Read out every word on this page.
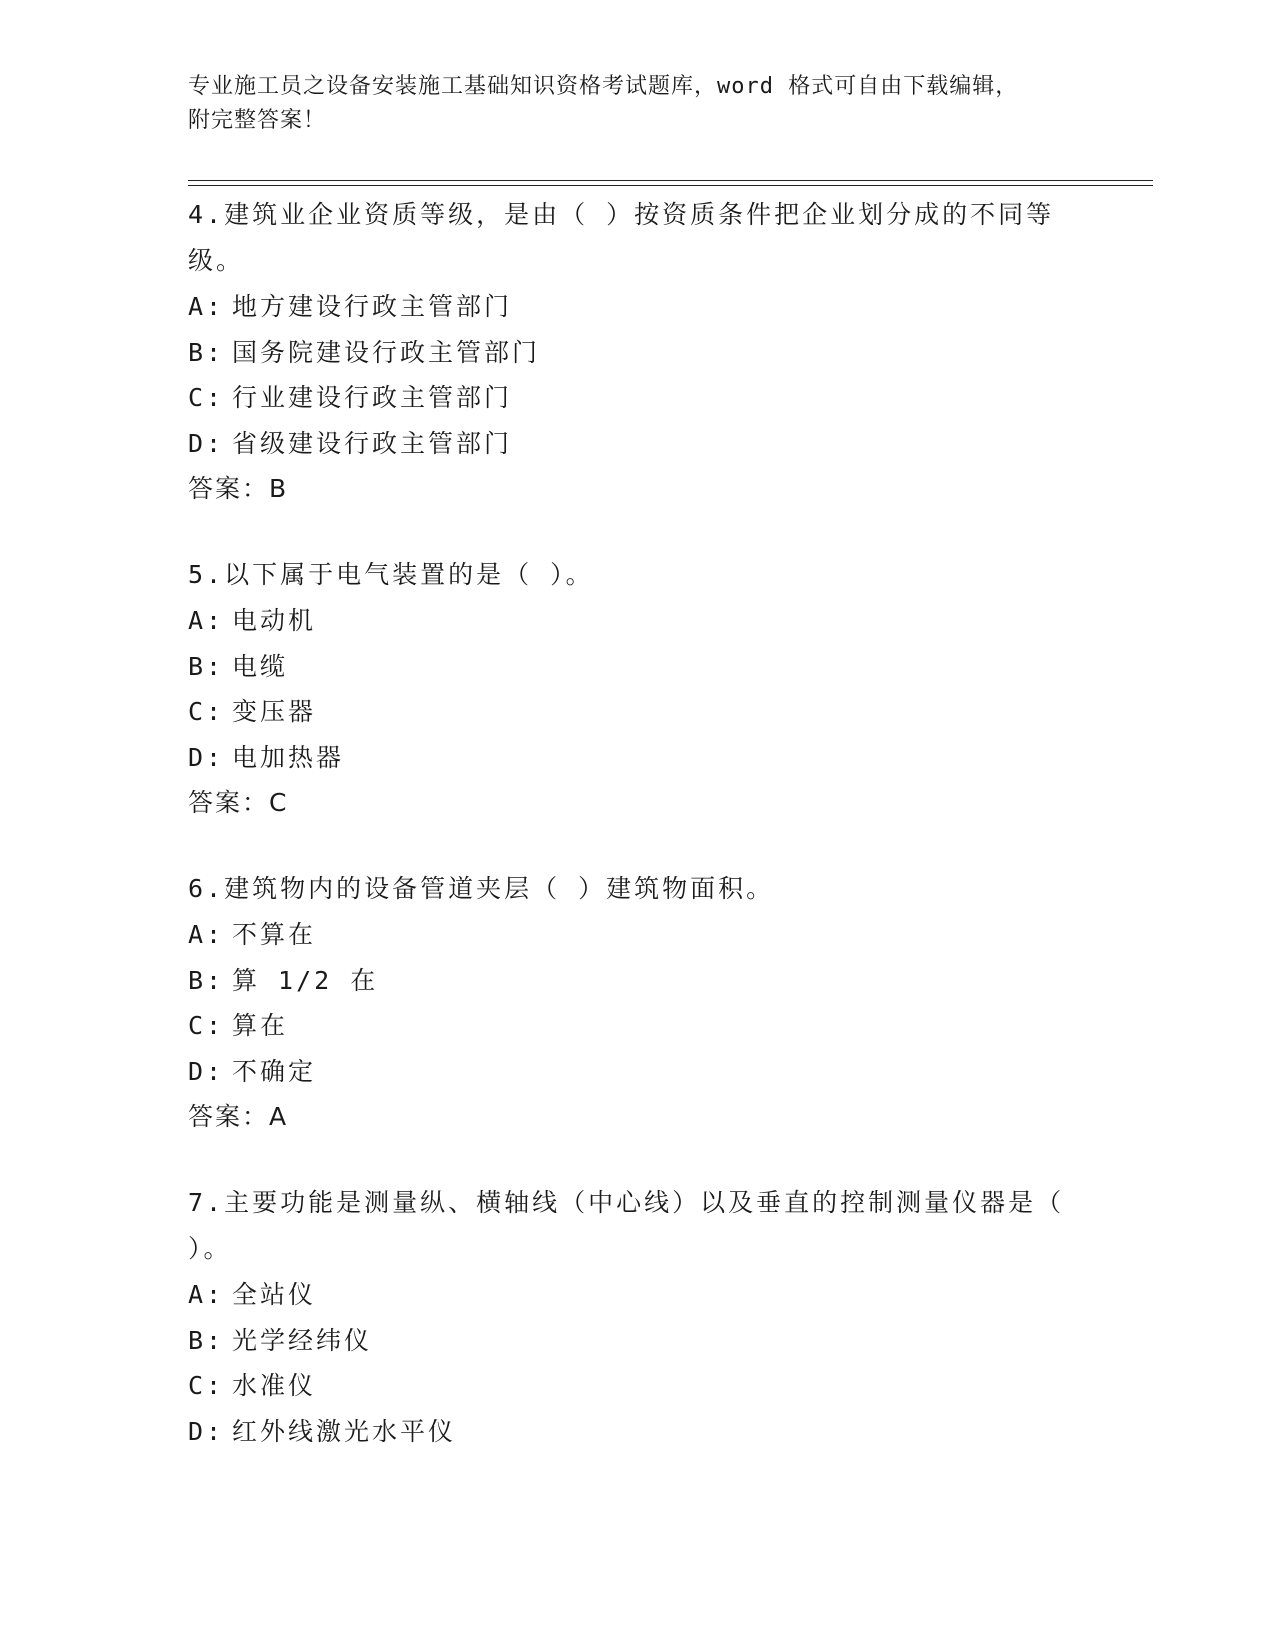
专业施工员之设备安装施工基础知识资格考试题库，word 格式可自由下载编辑，
附完整答案！
4.建筑业企业资质等级，是由（ ）按资质条件把企业划分成的不同等级。
A: 地方建设行政主管部门
B: 国务院建设行政主管部门
C: 行业建设行政主管部门
D: 省级建设行政主管部门
答案：B
5.以下属于电气装置的是（ ）。
A: 电动机
B: 电缆
C: 变压器
D: 电加热器
答案：C
6.建筑物内的设备管道夹层（ ）建筑物面积。
A: 不算在
B: 算 1/2 在
C: 算在
D: 不确定
答案：A
7.主要功能是测量纵、横轴线（中心线）以及垂直的控制测量仪器是（ ）。
A: 全站仪
B: 光学经纬仪
C: 水准仪
D: 红外线激光水平仪
